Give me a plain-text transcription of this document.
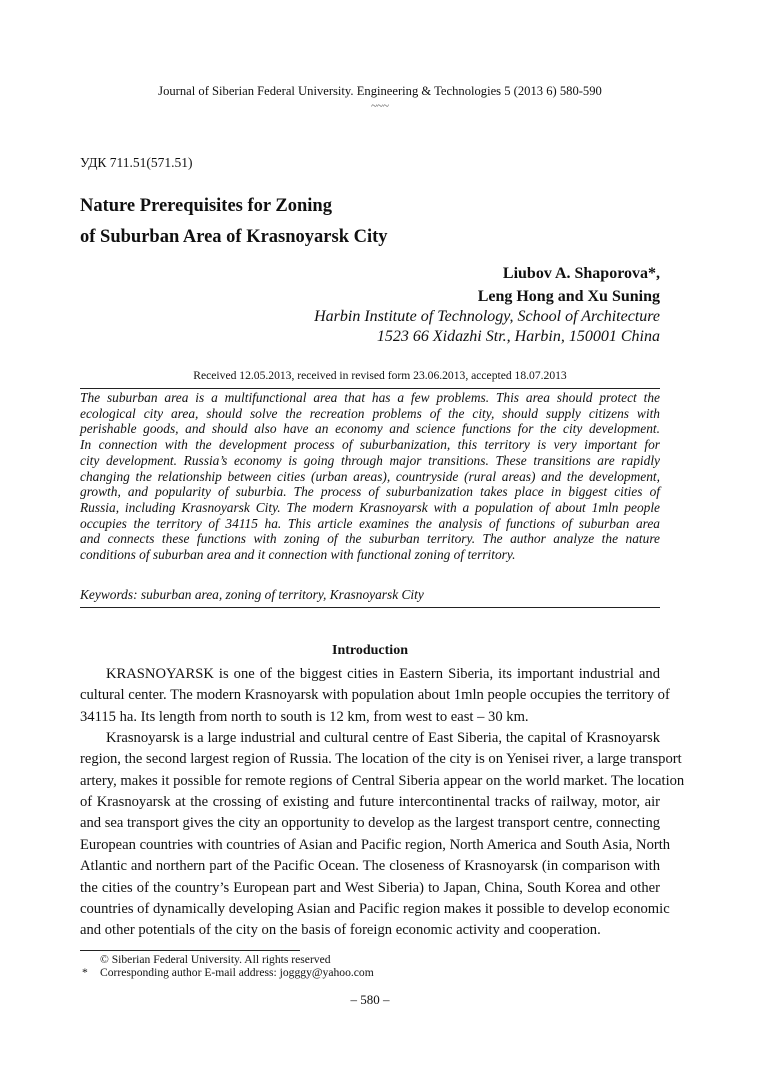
Journal of Siberian Federal University. Engineering & Technologies 5 (2013 6) 580-590
~~~
УДК 711.51(571.51)
Nature Prerequisites for Zoning
of Suburban Area of Krasnoyarsk City
Liubov A. Shaporova*,
Leng Hong and Xu Suning
Harbin Institute of Technology, School of Architecture
1523 66 Xidazhi Str., Harbin, 150001 China
Received 12.05.2013, received in revised form 23.06.2013, accepted 18.07.2013
The suburban area is a multifunctional area that has a few problems. This area should protect the
ecological city area, should solve the recreation problems of the city, should supply citizens with
perishable goods, and should also have an economy and science functions for the city development.
In connection with the development process of suburbanization, this territory is very important for
city development. Russia’s economy is going through major transitions. These transitions are rapidly
changing the relationship between cities (urban areas), countryside (rural areas) and the development,
growth, and popularity of suburbia. The process of suburbanization takes place in biggest cities of
Russia, including Krasnoyarsk City. The modern Krasnoyarsk with a population of about 1mln people
occupies the territory of 34115 ha. This article examines the analysis of functions of suburban area
and connects these functions with zoning of the suburban territory. The author analyze the nature
conditions of suburban area and it connection with functional zoning of territory.
Keywords: suburban area, zoning of territory, Krasnoyarsk City
Introduction
KRASNOYARSK is one of the biggest cities in Eastern Siberia, its important industrial and
cultural center. The modern Krasnoyarsk with population about 1mln people occupies the territory of
34115 ha. Its length from north to south is 12 km, from west to east – 30 km.
Krasnoyarsk is a large industrial and cultural centre of East Siberia, the capital of Krasnoyarsk
region, the second largest region of Russia. The location of the city is on Yenisei river, a large transport
artery, makes it possible for remote regions of Central Siberia appear on the world market. The location
of Krasnoyarsk at the crossing of existing and future intercontinental tracks of railway, motor, air
and sea transport gives the city an opportunity to develop as the largest transport centre, connecting
European countries with countries of Asian and Pacific region, North America and South Asia, North
Atlantic and northern part of the Pacific Ocean. The closeness of Krasnoyarsk (in comparison with
the cities of the country’s European part and West Siberia) to Japan, China, South Korea and other
countries of dynamically developing Asian and Pacific region makes it possible to develop economic
and other potentials of the city on the basis of foreign economic activity and cooperation.
© Siberian Federal University. All rights reserved
* Corresponding author E-mail address: jogggy@yahoo.com
– 580 –
